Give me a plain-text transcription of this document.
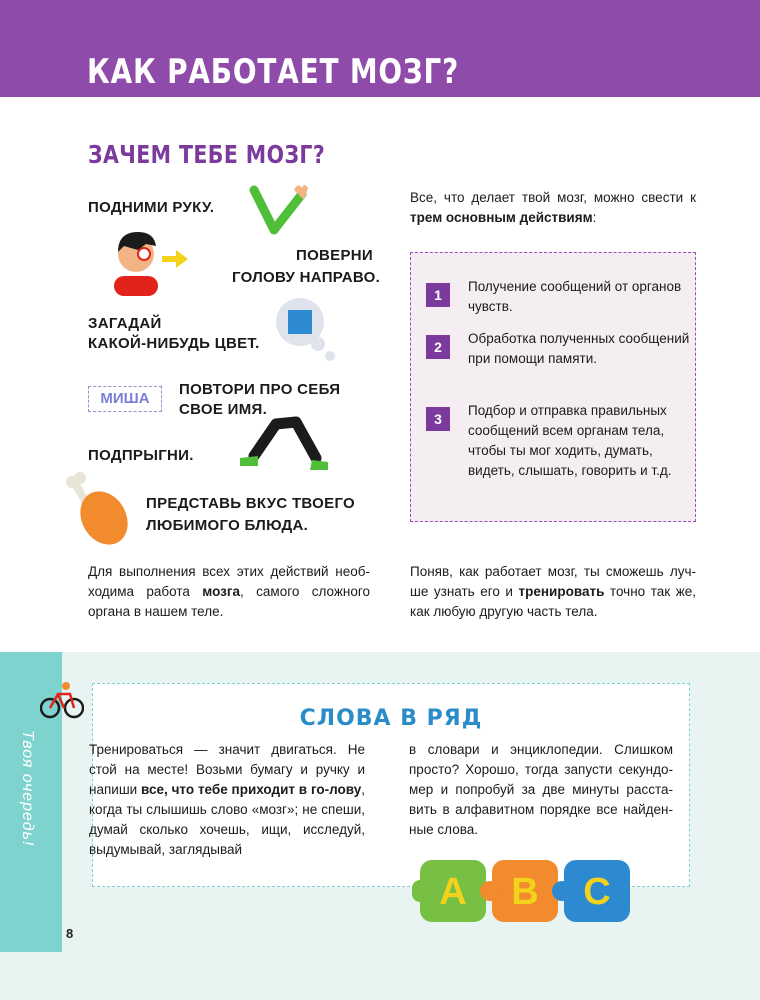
КАК РАБОТАЕТ МОЗГ?
ЗАЧЕМ ТЕБЕ МОЗГ?
ПОДНИМИ РУКУ.
ПОВЕРНИ
ГОЛОВУ НАПРАВО.
ЗАГАДАЙ
КАКОЙ-НИБУДЬ ЦВЕТ.
МИША
ПОВТОРИ ПРО СЕБЯ
СВОЕ ИМЯ.
ПОДПРЫГНИ.
ПРЕДСТАВЬ ВКУС ТВОЕГО
ЛЮБИМОГО БЛЮДА.
Для выполнения всех этих действий необ-ходима работа мозга, самого сложного органа в нашем теле.
Все, что делает твой мозг, можно свести к трем основным действиям:
1
Получение сообщений от органов чувств.
2
Обработка полученных сообщений при помощи памяти.
3
Подбор и отправка правильных сообщений всем органам тела, чтобы ты мог ходить, думать, видеть, слышать, говорить и т.д.
Поняв, как работает мозг, ты сможешь луч-ше узнать его и тренировать точно так же, как любую другую часть тела.
Твоя очередь!
СЛОВА В РЯД
Тренироваться — значит двигаться. Не стой на месте! Возьми бумагу и ручку и напиши все, что тебе приходит в го-лову, когда ты слышишь слово «мозг»; не спеши, думай сколько хочешь, ищи, исследуй, выдумывай, заглядывай
в словари и энциклопедии. Слишком просто? Хорошо, тогда запусти секундо-мер и попробуй за две минуты расста-вить в алфавитном порядке все найден-ные слова.
A B C
8
